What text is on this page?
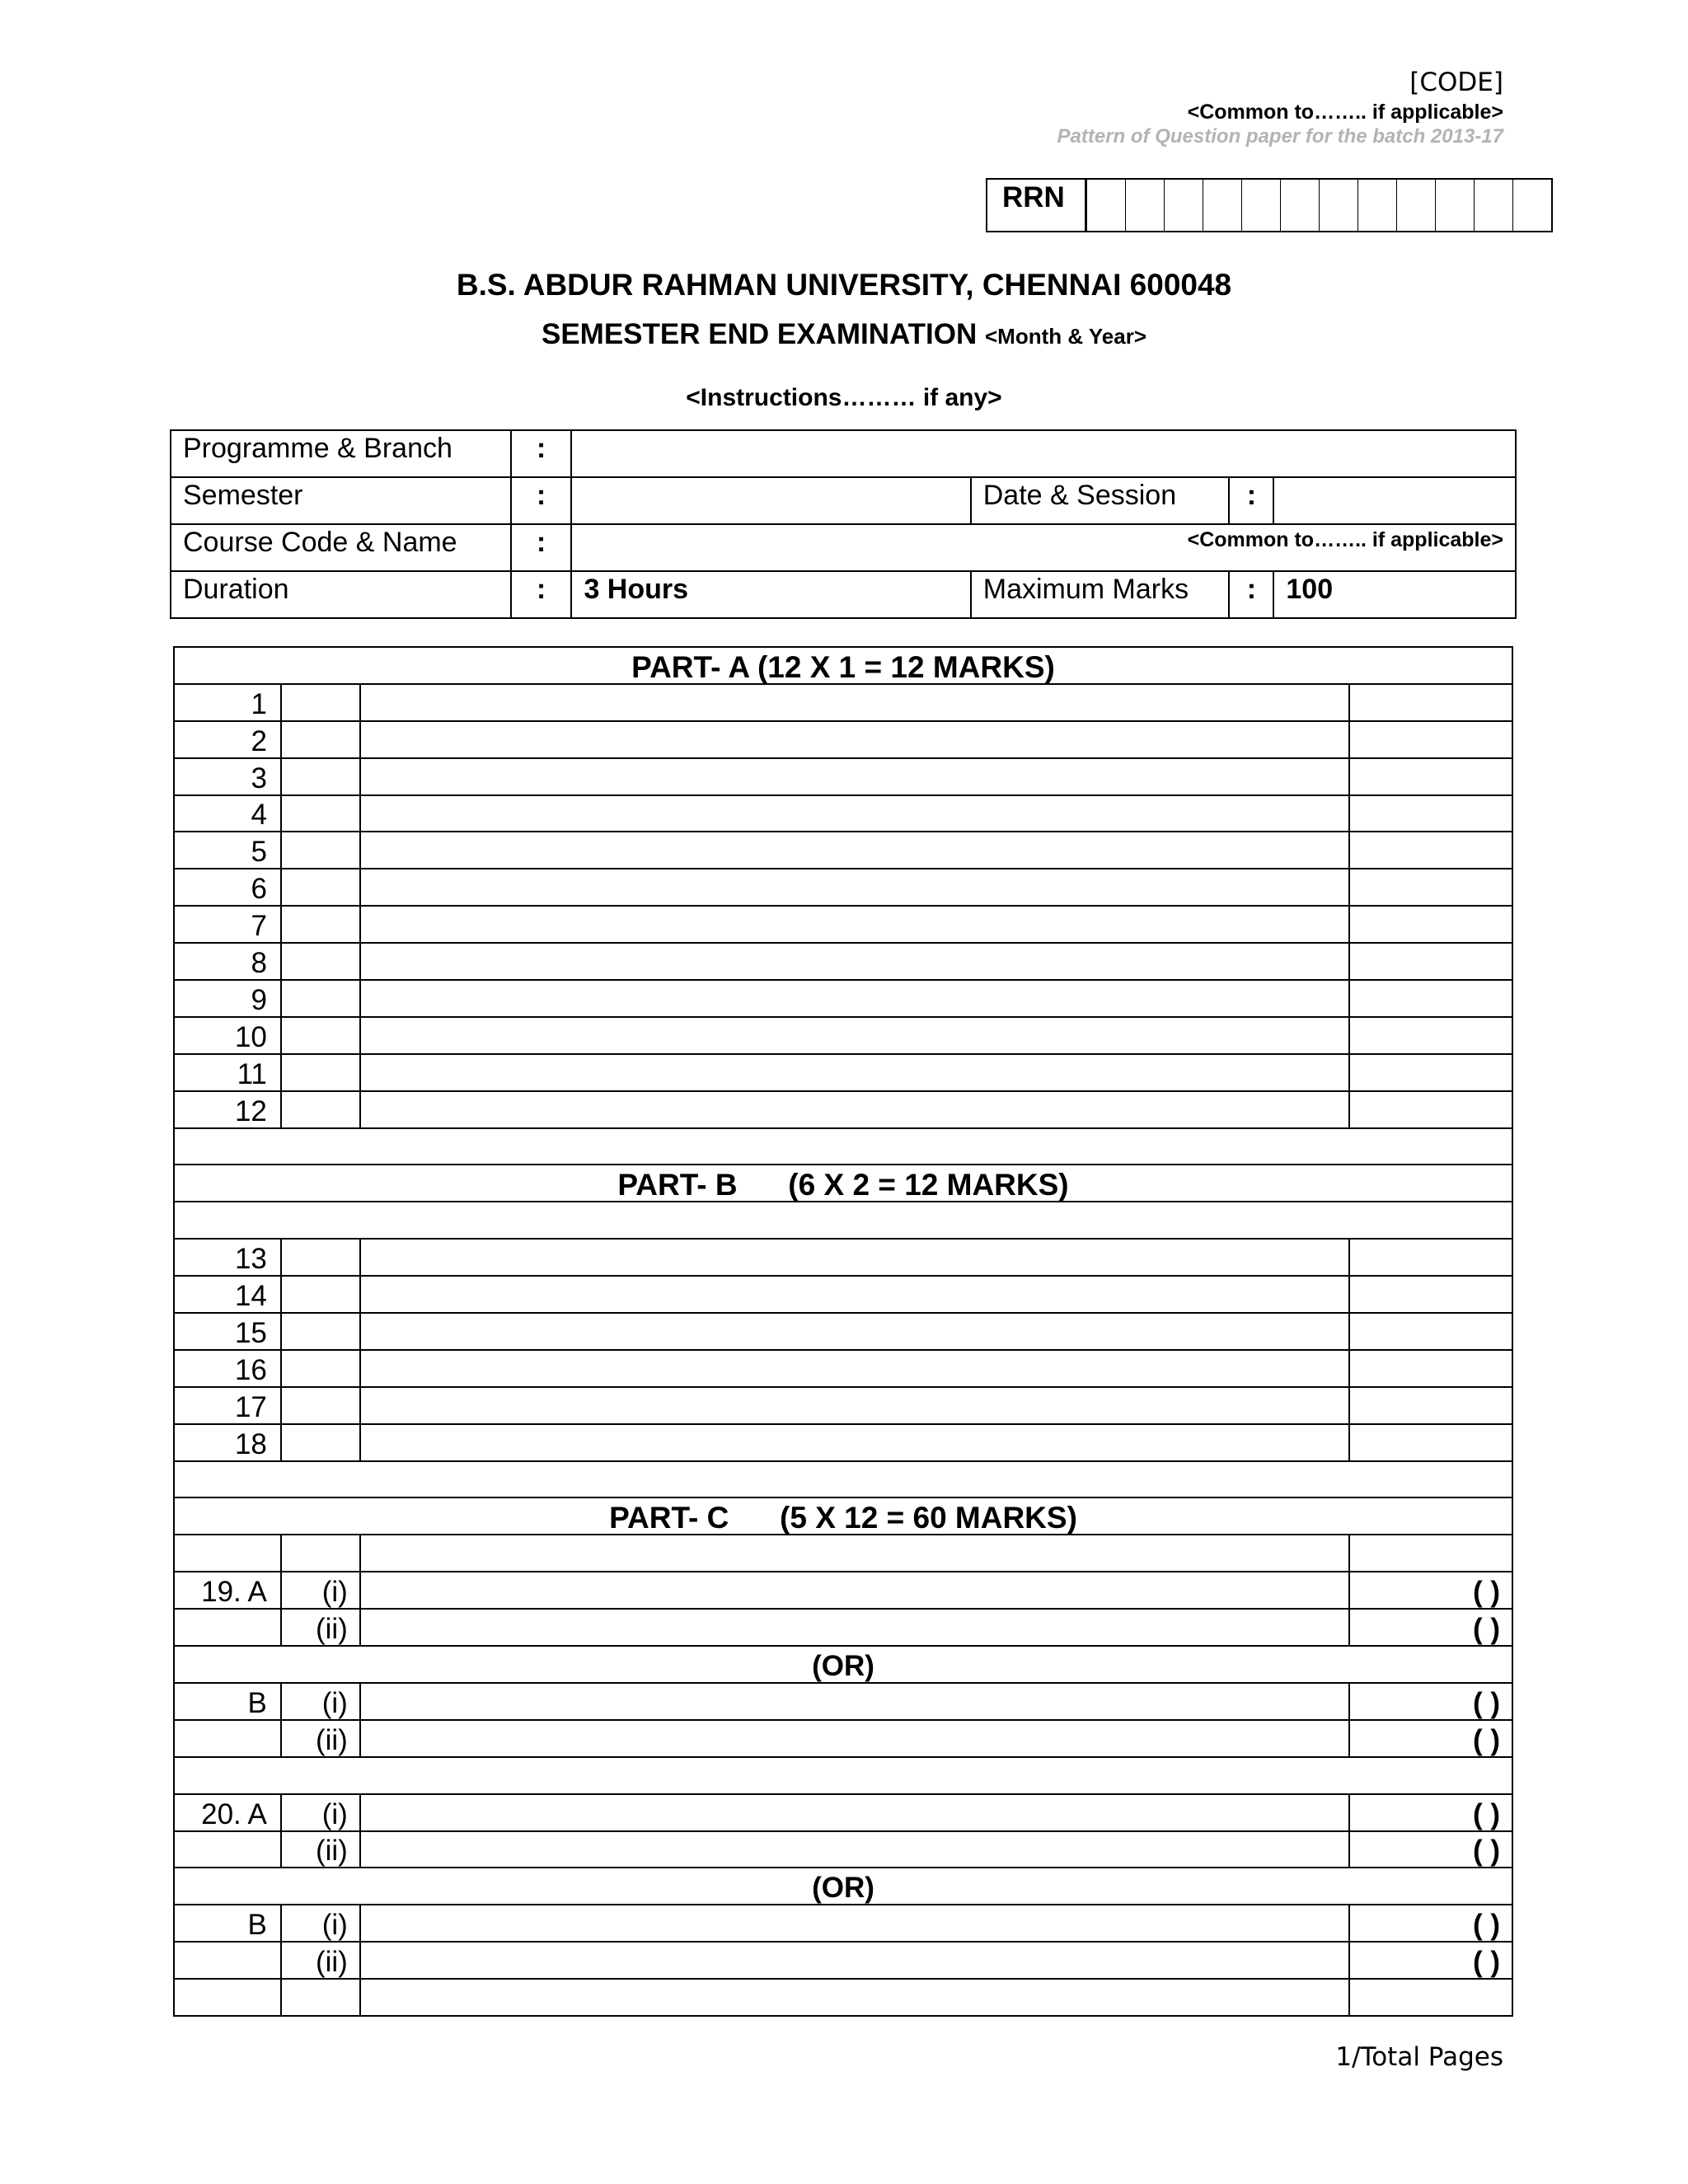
[CODE]
<Common to…….. if applicable>
Pattern of Question paper for the batch 2013-17
RRN
B.S. ABDUR RAHMAN UNIVERSITY, CHENNAI 600048
SEMESTER END EXAMINATION <Month & Year>
<Instructions……… if any>
Programme & Branch	:				
Semester	:		Date & Session	:	
Course Code & Name	:	<Common to…….. if applicable>			
Duration	:	3 Hours	Maximum Marks	:	100
PART- A (12 X 1 = 12 MARKS)			
1			
2			
3			
4			
5			
6			
7			
8			
9			
10			
11			
12			

PART- B      (6 X 2 = 12 MARKS)			

13			
14			
15			
16			
17			
18			

PART- C      (5 X 12 = 60 MARKS)			

19. A	(i)		( )
	(ii)		( )
(OR)			
B	(i)		( )
	(ii)		( )

20. A	(i)		( )
	(ii)		( )
(OR)			
B	(i)		( )
	(ii)		( )

1/Total Pages
